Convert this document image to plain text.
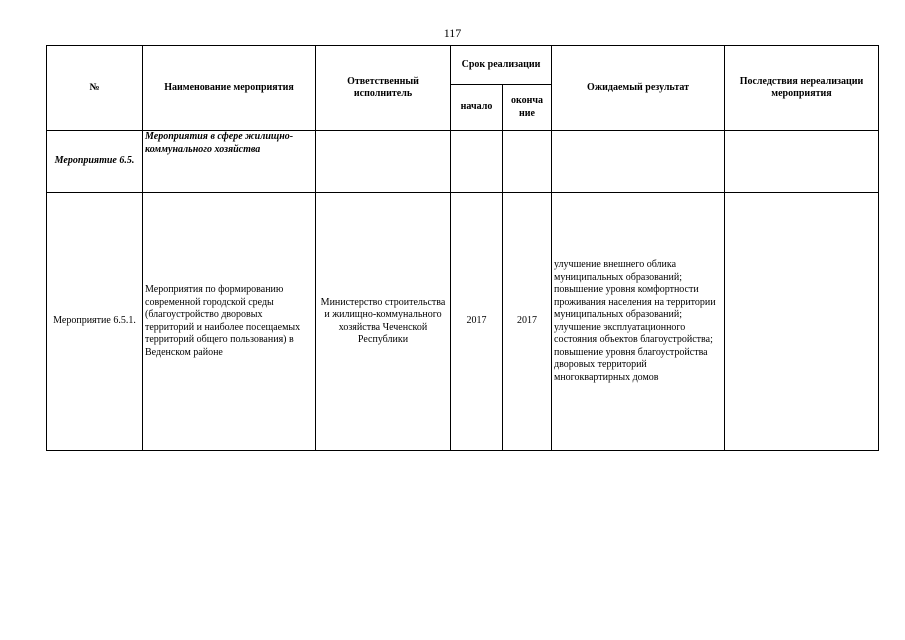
117
№	Наименование мероприятия	Ответственный исполнитель	Срок реализации		Ожидаемый результат	Последствия нереализации мероприятия
			начало	оконча ние		
Мероприятие 6.5.	Мероприятия в сфере жилищно-коммунального хозяйства					
Мероприятие 6.5.1.	Мероприятия по формированию современной городской среды (благоустройство дворовых территорий и наиболее посещаемых территорий общего пользования) в Веденском районе	Министерство строительства и жилищно-коммунального хозяйства Чеченской Республики	2017	2017	улучшение внешнего облика муниципальных образований; повышение уровня комфортности проживания населения на территории муниципальных образований; улучшение эксплуатационного состояния объектов благоустройства; повышение уровня благоустройства дворовых территорий многоквартирных домов	
